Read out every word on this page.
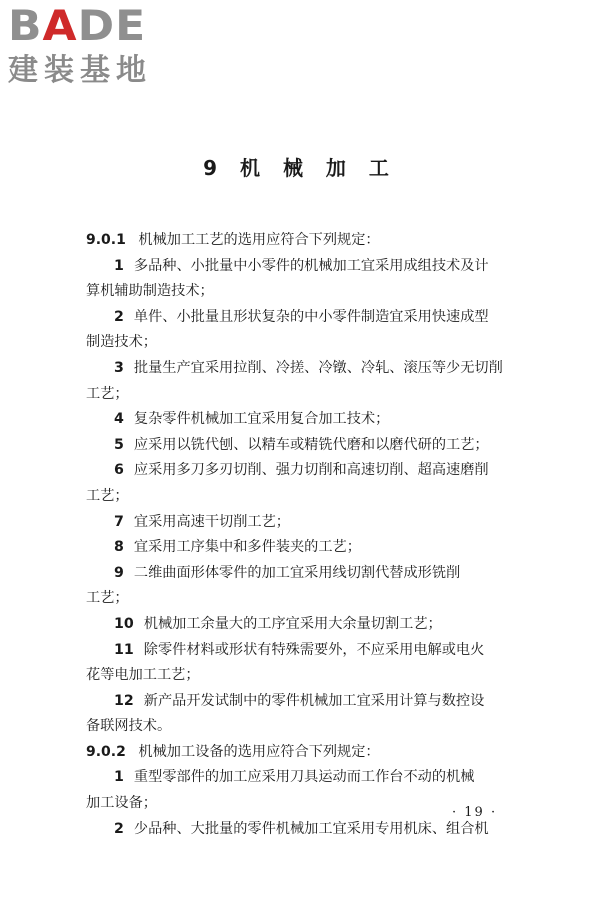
BADE
建装基地
9 机 械 加 工
9.0.1 机械加工工艺的选用应符合下列规定：
1 多品种、小批量中小零件的机械加工宜采用成组技术及计
算机辅助制造技术；
2 单件、小批量且形状复杂的中小零件制造宜采用快速成型
制造技术；
3 批量生产宜采用拉削、冷搓、冷镦、冷轧、滚压等少无切削
工艺；
4 复杂零件机械加工宜采用复合加工技术；
5 应采用以铣代刨、以精车或精铣代磨和以磨代研的工艺；
6 应采用多刀多刃切削、强力切削和高速切削、超高速磨削
工艺；
7 宜采用高速干切削工艺；
8 宜采用工序集中和多件装夹的工艺；
9 二维曲面形体零件的加工宜采用线切割代替成形铣削
工艺；
10 机械加工余量大的工序宜采用大余量切割工艺；
11 除零件材料或形状有特殊需要外，不应采用电解或电火
花等电加工工艺；
12 新产品开发试制中的零件机械加工宜采用计算与数控设
备联网技术。
9.0.2 机械加工设备的选用应符合下列规定：
1 重型零部件的加工应采用刀具运动而工作台不动的机械
加工设备；
2 少品种、大批量的零件机械加工宜采用专用机床、组合机
· 19 ·
